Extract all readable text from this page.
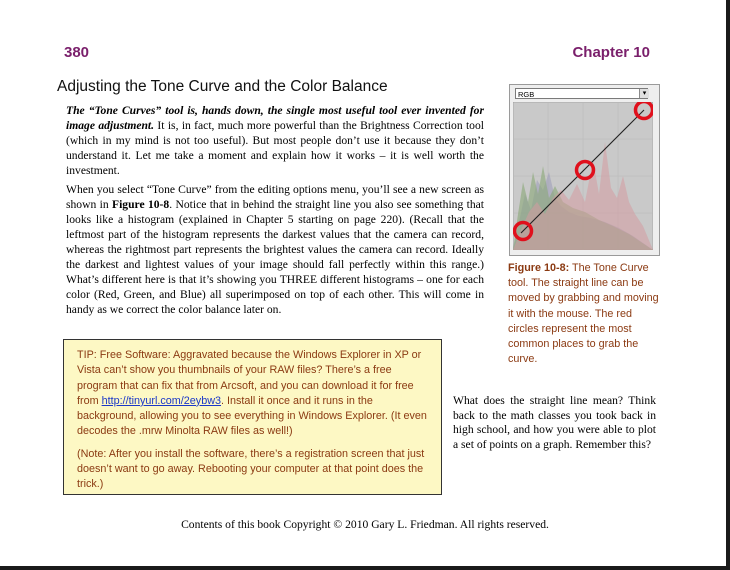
380	Chapter 10
Adjusting the Tone Curve and the Color Balance

The “Tone Curves” tool is, hands down, the single most useful tool ever invented for image adjustment. It is, in fact, much more powerful than the Brightness Correction tool (which in my mind is not too useful). But most people don’t use it because they don’t understand it. Let me take a moment and explain how it works – it is well worth the investment.

When you select “Tone Curve” from the editing options menu, you’ll see a new screen as shown in Figure 10-8. Notice that in behind the straight line you also see something that looks like a histogram (explained in Chapter 5 starting on page 220). (Recall that the leftmost part of the histogram represents the darkest values that the camera can record, whereas the rightmost part represents the brightest values the camera can record. Ideally the darkest and lightest values of your image should fall perfectly within this range.) What’s different here is that it’s showing you THREE different histograms – one for each color (Red, Green, and Blue) all superimposed on top of each other. This will come in handy as we correct the color balance later on.

RGB	▾

Figure 10-8: The Tone Curve tool. The straight line can be moved by grabbing and moving it with the mouse. The red circles represent the most common places to grab the curve.

TIP: Free Software: Aggravated because the Windows Explorer in XP or Vista can’t show you thumbnails of your RAW files? There’s a free program that can fix that from Arcsoft, and you can download it for free from http://tinyurl.com/2eybw3. Install it once and it runs in the background, allowing you to see everything in Windows Explorer. (It even decodes the .mrw Minolta RAW files as well!)

(Note: After you install the software, there’s a registration screen that just doesn’t want to go away. Rebooting your computer at that point does the trick.)

What does the straight line mean? Think back to the math classes you took back in high school, and how you were able to plot a set of points on a graph. Remember this?

Contents of this book Copyright © 2010 Gary L. Friedman. All rights reserved.
